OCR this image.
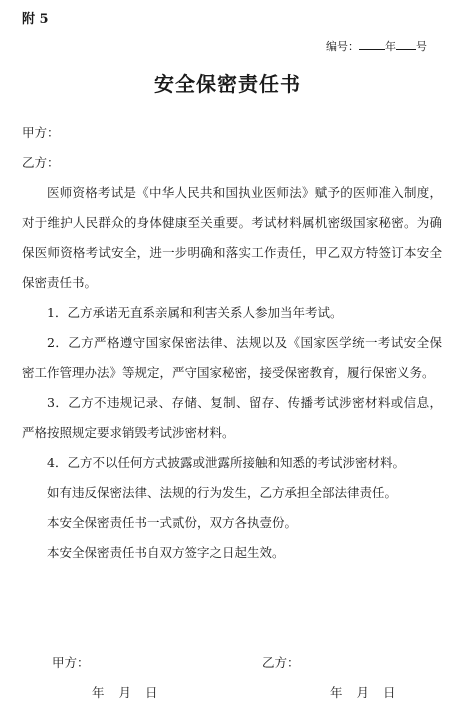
附 5
编号： 年 号
安全保密责任书
甲方：
乙方：

医师资格考试是《中华人民共和国执业医师法》赋予的医师准入制度，对于维护人民群众的身体健康至关重要。考试材料属机密级国家秘密。为确保医师资格考试安全，进一步明确和落实工作责任，甲乙双方特签订本安全保密责任书。

1．乙方承诺无直系亲属和利害关系人参加当年考试。

2．乙方严格遵守国家保密法律、法规以及《国家医学统一考试安全保密工作管理办法》等规定，严守国家秘密，接受保密教育，履行保密义务。

3．乙方不违规记录、存储、复制、留存、传播考试涉密材料或信息，严格按照规定要求销毁考试涉密材料。

4．乙方不以任何方式披露或泄露所接触和知悉的考试涉密材料。

如有违反保密法律、法规的行为发生，乙方承担全部法律责任。

本安全保密责任书一式贰份，双方各执壹份。

本安全保密责任书自双方签字之日起生效。

甲方：	乙方：
年 月 日	年 月 日
